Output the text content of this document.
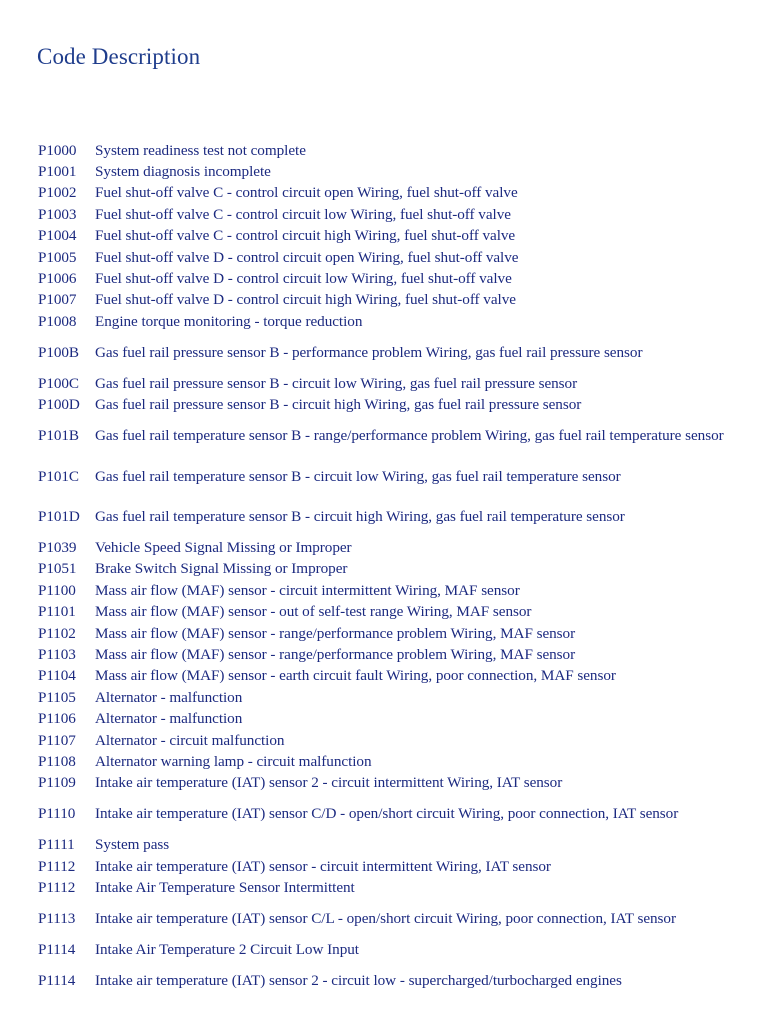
Code Description
P1000	System readiness test not complete
P1001	System diagnosis incomplete
P1002	Fuel shut-off valve C - control circuit open Wiring, fuel shut-off valve
P1003	Fuel shut-off valve C - control circuit low Wiring, fuel shut-off valve
P1004	Fuel shut-off valve C - control circuit high Wiring, fuel shut-off valve
P1005	Fuel shut-off valve D - control circuit open Wiring, fuel shut-off valve
P1006	Fuel shut-off valve D - control circuit low Wiring, fuel shut-off valve
P1007	Fuel shut-off valve D - control circuit high Wiring, fuel shut-off valve
P1008	Engine torque monitoring - torque reduction
P100B	Gas fuel rail pressure sensor B - performance problem Wiring, gas fuel rail pressure sensor
P100C	Gas fuel rail pressure sensor B - circuit low Wiring, gas fuel rail pressure sensor
P100D	Gas fuel rail pressure sensor B - circuit high Wiring, gas fuel rail pressure sensor
P101B	Gas fuel rail temperature sensor B - range/performance problem Wiring, gas fuel rail temperature sensor
P101C	Gas fuel rail temperature sensor B - circuit low Wiring, gas fuel rail temperature sensor
P101D	Gas fuel rail temperature sensor B - circuit high Wiring, gas fuel rail temperature sensor
P1039	Vehicle Speed Signal Missing or Improper
P1051	Brake Switch Signal Missing or Improper
P1100	Mass air flow (MAF) sensor - circuit intermittent Wiring, MAF sensor
P1101	Mass air flow (MAF) sensor - out of self-test range Wiring, MAF sensor
P1102	Mass air flow (MAF) sensor - range/performance problem Wiring, MAF sensor
P1103	Mass air flow (MAF) sensor - range/performance problem Wiring, MAF sensor
P1104	Mass air flow (MAF) sensor - earth circuit fault Wiring, poor connection, MAF sensor
P1105	Alternator - malfunction
P1106	Alternator - malfunction
P1107	Alternator - circuit malfunction
P1108	Alternator warning lamp - circuit malfunction
P1109	Intake air temperature (IAT) sensor 2 - circuit intermittent Wiring, IAT sensor
P1110	Intake air temperature (IAT) sensor C/D - open/short circuit Wiring, poor connection, IAT sensor
P1111	System pass
P1112	Intake air temperature (IAT) sensor - circuit intermittent Wiring, IAT sensor
P1112	Intake Air Temperature Sensor Intermittent
P1113	Intake air temperature (IAT) sensor C/L - open/short circuit Wiring, poor connection, IAT sensor
P1114	Intake Air Temperature 2 Circuit Low Input
P1114	Intake air temperature (IAT) sensor 2 - circuit low - supercharged/turbocharged engines
